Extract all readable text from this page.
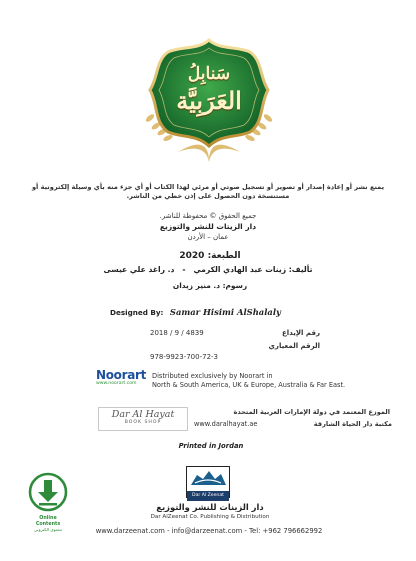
سَنابِلُ
العَرَبِيَّة
يمنع نشر أو إعادة إصدار أو تصوير أو تسجيل صوتي أو مرئي لهذا الكتاب أو أي جزء منه بأي وسيلة إلكترونية أو مستنسخة دون الحصول على إذن خطي من الناشر.
جميع الحقوق © محفوظة للناشر.
دار الزيتات للنشر والتوزيع
عمان – الأردن
الطبعة: 2020
تأليف: زينات عبد الهادي الكرمي   -   د. راغد علي عيسى
رسوم: د. منير زيدان
Designed By: Samar Hisimi AlShalaly
2018 / 9 / 4839	رقم الإيداع
الرقم المعياري
978-9923-700-72-3
Noorart
www.noorart.com
Distributed exclusively by Noorart in
North & South America, UK & Europe, Australia & Far East.
Dar Al Hayat
BOOK SHOP
الموزع المعتمد في دولة الإمارات العربية المتحدة
www.daralhayat.ae	مكتبة دار الحياة الشارقة
Printed in Jordan
Online
Contents
محتوى الكتروني
Dar Al Zeenat
دار الزينات للنشر والتوزيع
Dar AlZeenat Co. Publishing & Distribution
www.darzeenat.com - info@darzeenat.com - Tel: +962 796662992
